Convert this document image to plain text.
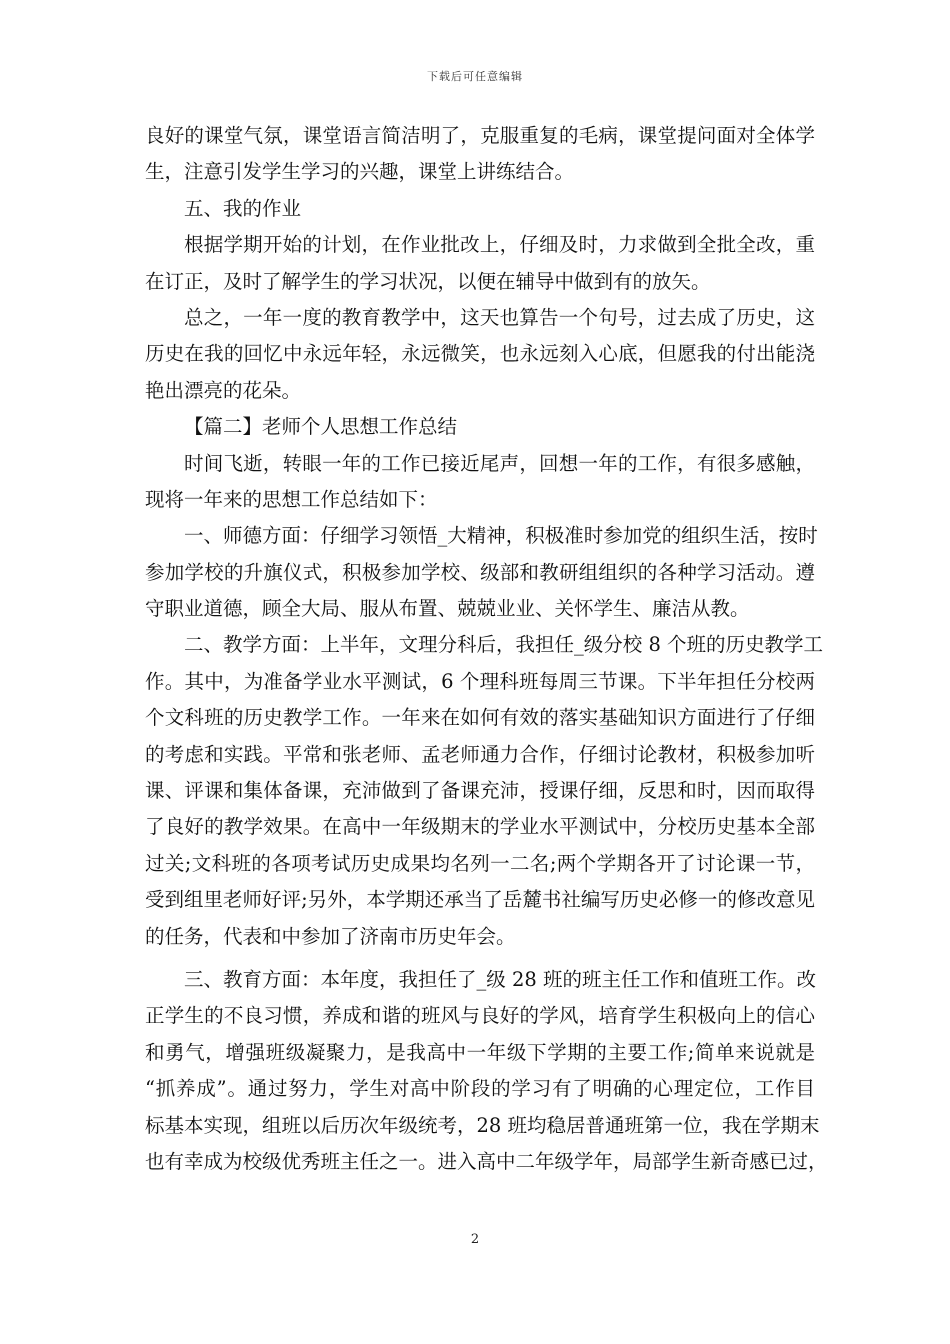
下载后可任意编辑
良好的课堂气氛，课堂语言简洁明了，克服重复的毛病，课堂提问面对全体学
生，注意引发学生学习的兴趣，课堂上讲练结合。
五、我的作业
根据学期开始的计划，在作业批改上，仔细及时，力求做到全批全改，重
在订正，及时了解学生的学习状况，以便在辅导中做到有的放矢。
总之，一年一度的教育教学中，这天也算告一个句号，过去成了历史，这
历史在我的回忆中永远年轻，永远微笑，也永远刻入心底，但愿我的付出能浇
艳出漂亮的花朵。
【篇二】老师个人思想工作总结
时间飞逝，转眼一年的工作已接近尾声，回想一年的工作，有很多感触，
现将一年来的思想工作总结如下：
一、师德方面：仔细学习领悟_大精神，积极准时参加党的组织生活，按时
参加学校的升旗仪式，积极参加学校、级部和教研组组织的各种学习活动。遵
守职业道德，顾全大局、服从布置、兢兢业业、关怀学生、廉洁从教。
二、教学方面：上半年，文理分科后，我担任_级分校 8 个班的历史教学工
作。其中，为准备学业水平测试，6 个理科班每周三节课。下半年担任分校两
个文科班的历史教学工作。一年来在如何有效的落实基础知识方面进行了仔细
的考虑和实践。平常和张老师、孟老师通力合作，仔细讨论教材，积极参加听
课、评课和集体备课，充沛做到了备课充沛，授课仔细，反思和时，因而取得
了良好的教学效果。在高中一年级期末的学业水平测试中，分校历史基本全部
过关;文科班的各项考试历史成果均名列一二名;两个学期各开了讨论课一节，
受到组里老师好评;另外，本学期还承当了岳麓书社编写历史必修一的修改意见
的任务，代表和中参加了济南市历史年会。
三、教育方面：本年度，我担任了_级 28 班的班主任工作和值班工作。改
正学生的不良习惯，养成和谐的班风与良好的学风，培育学生积极向上的信心
和勇气，增强班级凝聚力，是我高中一年级下学期的主要工作;简单来说就是
“抓养成”。通过努力，学生对高中阶段的学习有了明确的心理定位，工作目
标基本实现，组班以后历次年级统考，28 班均稳居普通班第一位，我在学期末
也有幸成为校级优秀班主任之一。进入高中二年级学年，局部学生新奇感已过，
2
